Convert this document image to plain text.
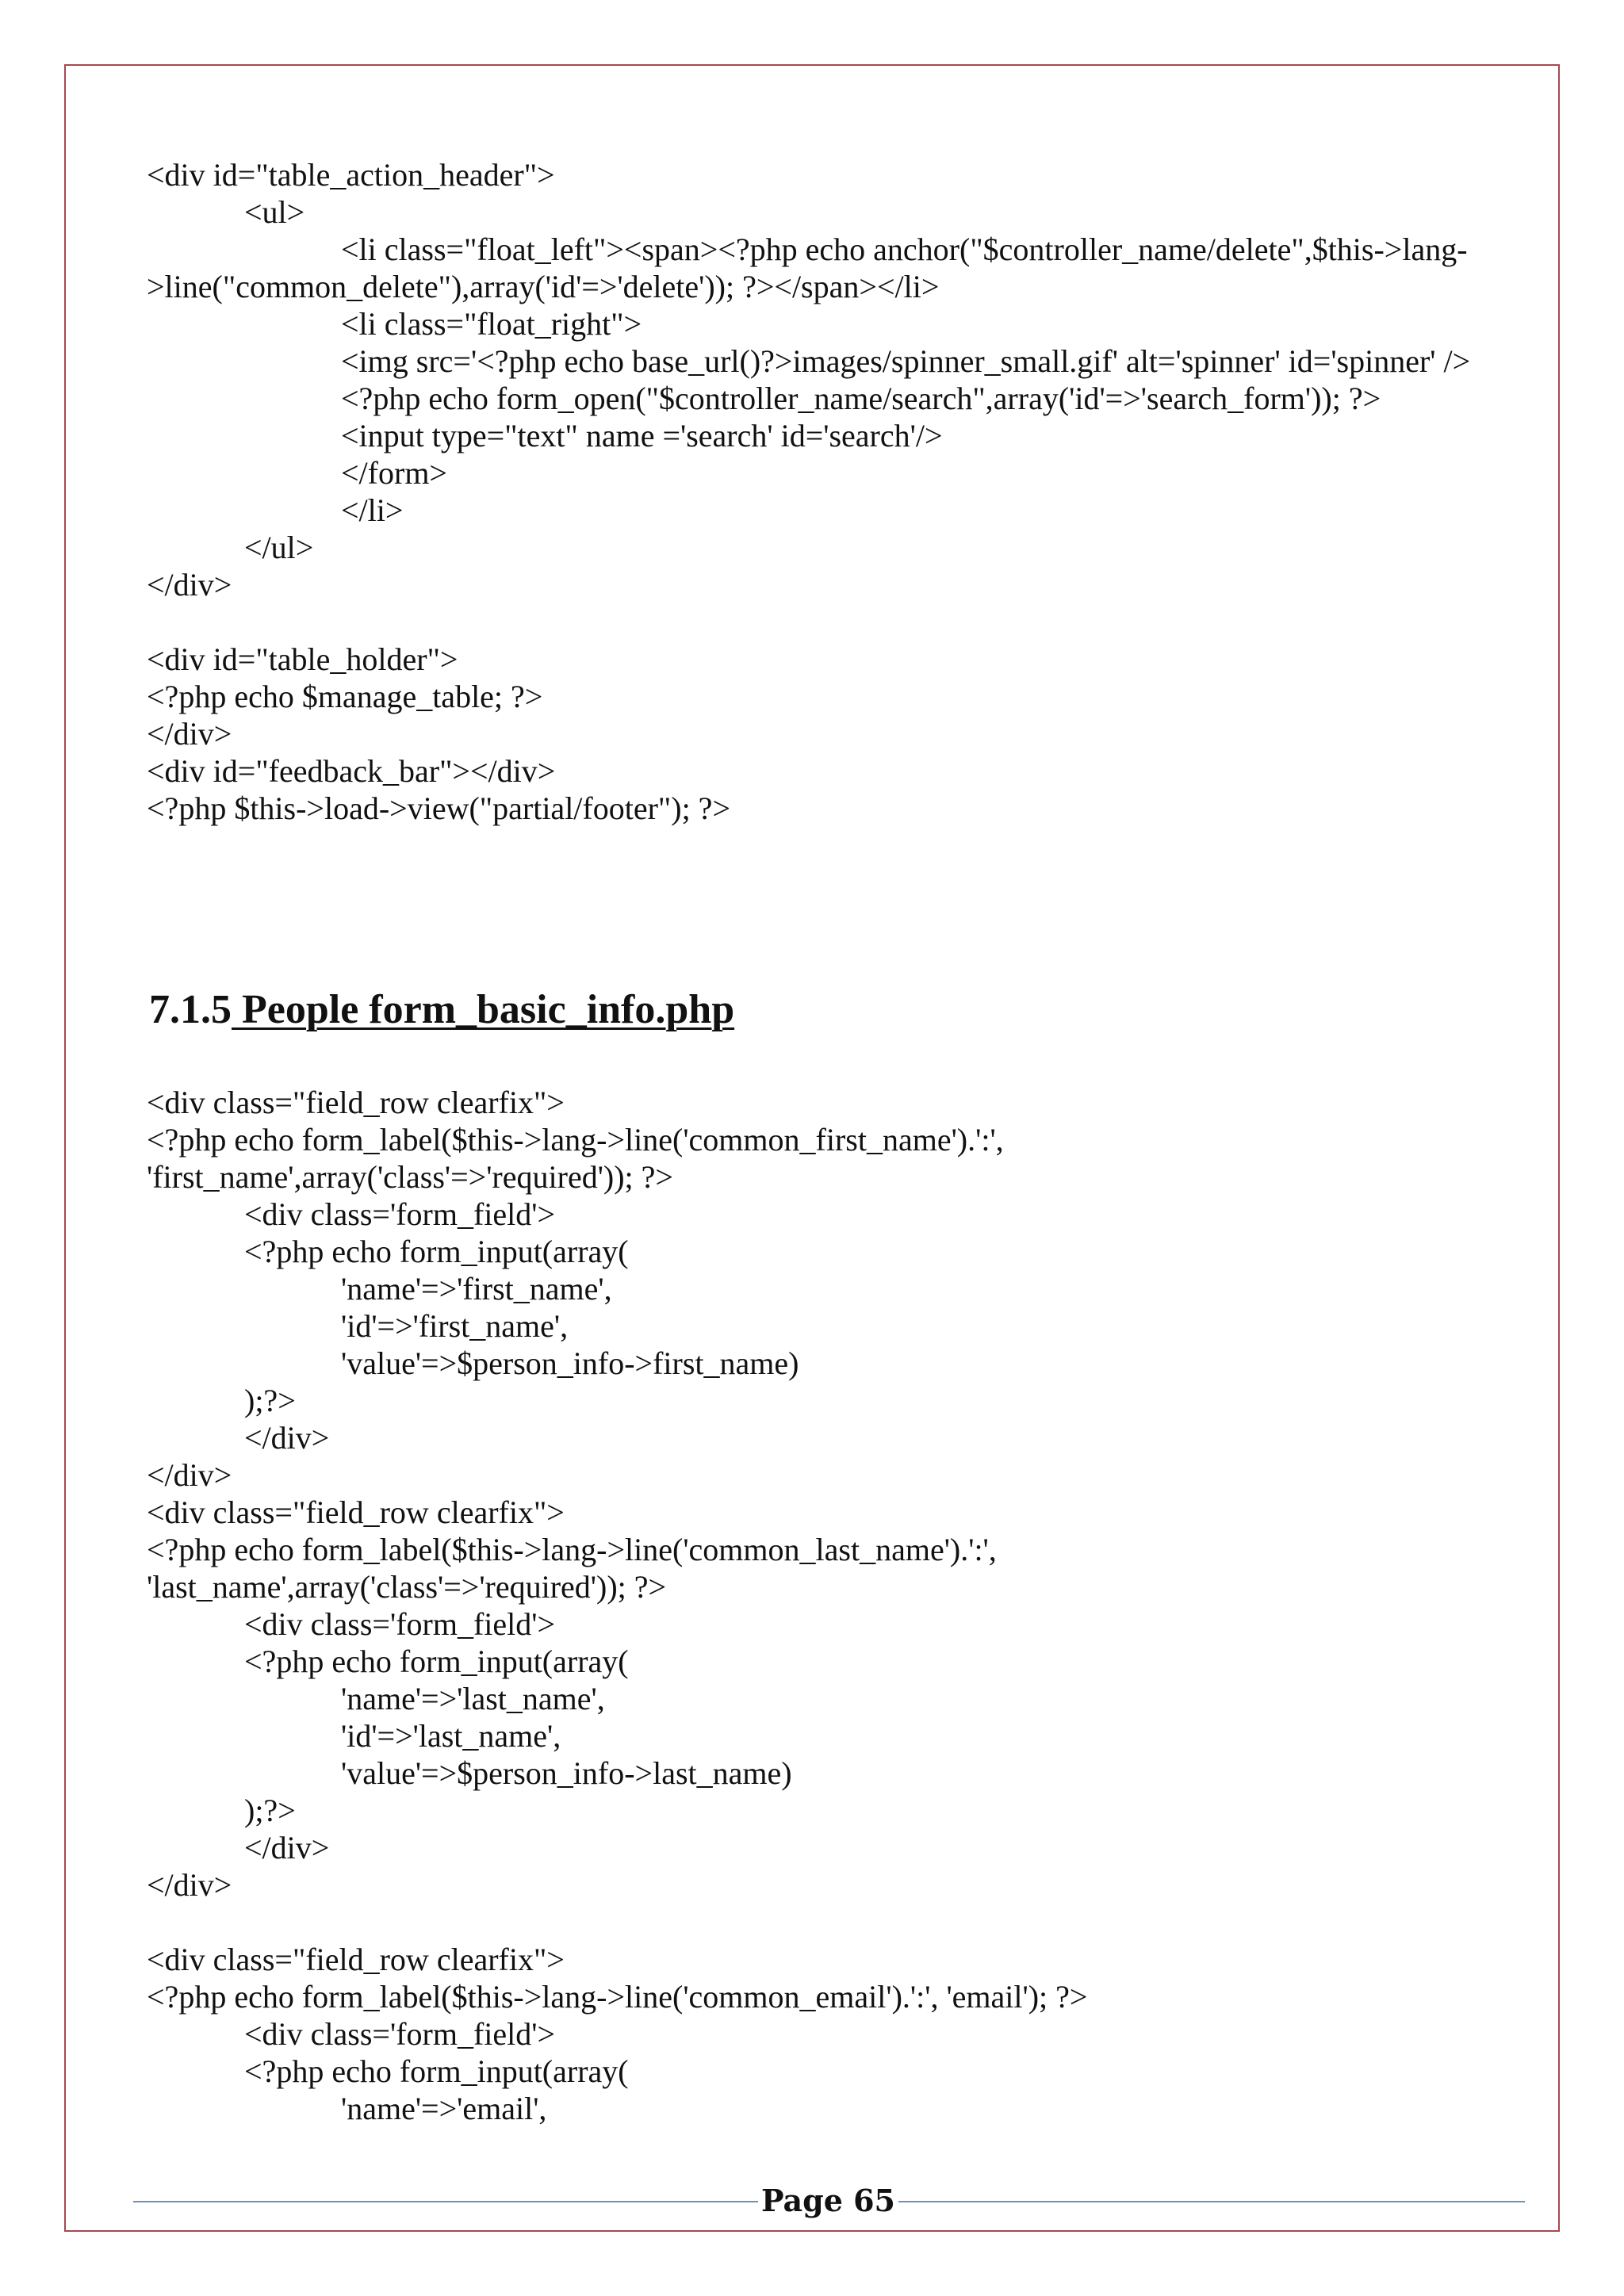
<div id="table_action_header">
<ul>
<li class="float_left"><span><?php echo anchor("$controller_name/delete",$this->lang-
>line("common_delete"),array('id'=>'delete')); ?></span></li>
<li class="float_right">
<img src='<?php echo base_url()?>images/spinner_small.gif' alt='spinner' id='spinner' />
<?php echo form_open("$controller_name/search",array('id'=>'search_form')); ?>
<input type="text" name ='search' id='search'/>
</form>
</li>
</ul>
</div>
<div id="table_holder">
<?php echo $manage_table; ?>
</div>
<div id="feedback_bar"></div>
<?php $this->load->view("partial/footer"); ?>
7.1.5 People form_basic_info.php
<div class="field_row clearfix">
<?php echo form_label($this->lang->line('common_first_name').':',
'first_name',array('class'=>'required')); ?>
<div class='form_field'>
<?php echo form_input(array(
'name'=>'first_name',
'id'=>'first_name',
'value'=>$person_info->first_name)
);?>
</div>
</div>
<div class="field_row clearfix">
<?php echo form_label($this->lang->line('common_last_name').':',
'last_name',array('class'=>'required')); ?>
<div class='form_field'>
<?php echo form_input(array(
'name'=>'last_name',
'id'=>'last_name',
'value'=>$person_info->last_name)
);?>
</div>
</div>
<div class="field_row clearfix">
<?php echo form_label($this->lang->line('common_email').':', 'email'); ?>
<div class='form_field'>
<?php echo form_input(array(
'name'=>'email',
Page 65
